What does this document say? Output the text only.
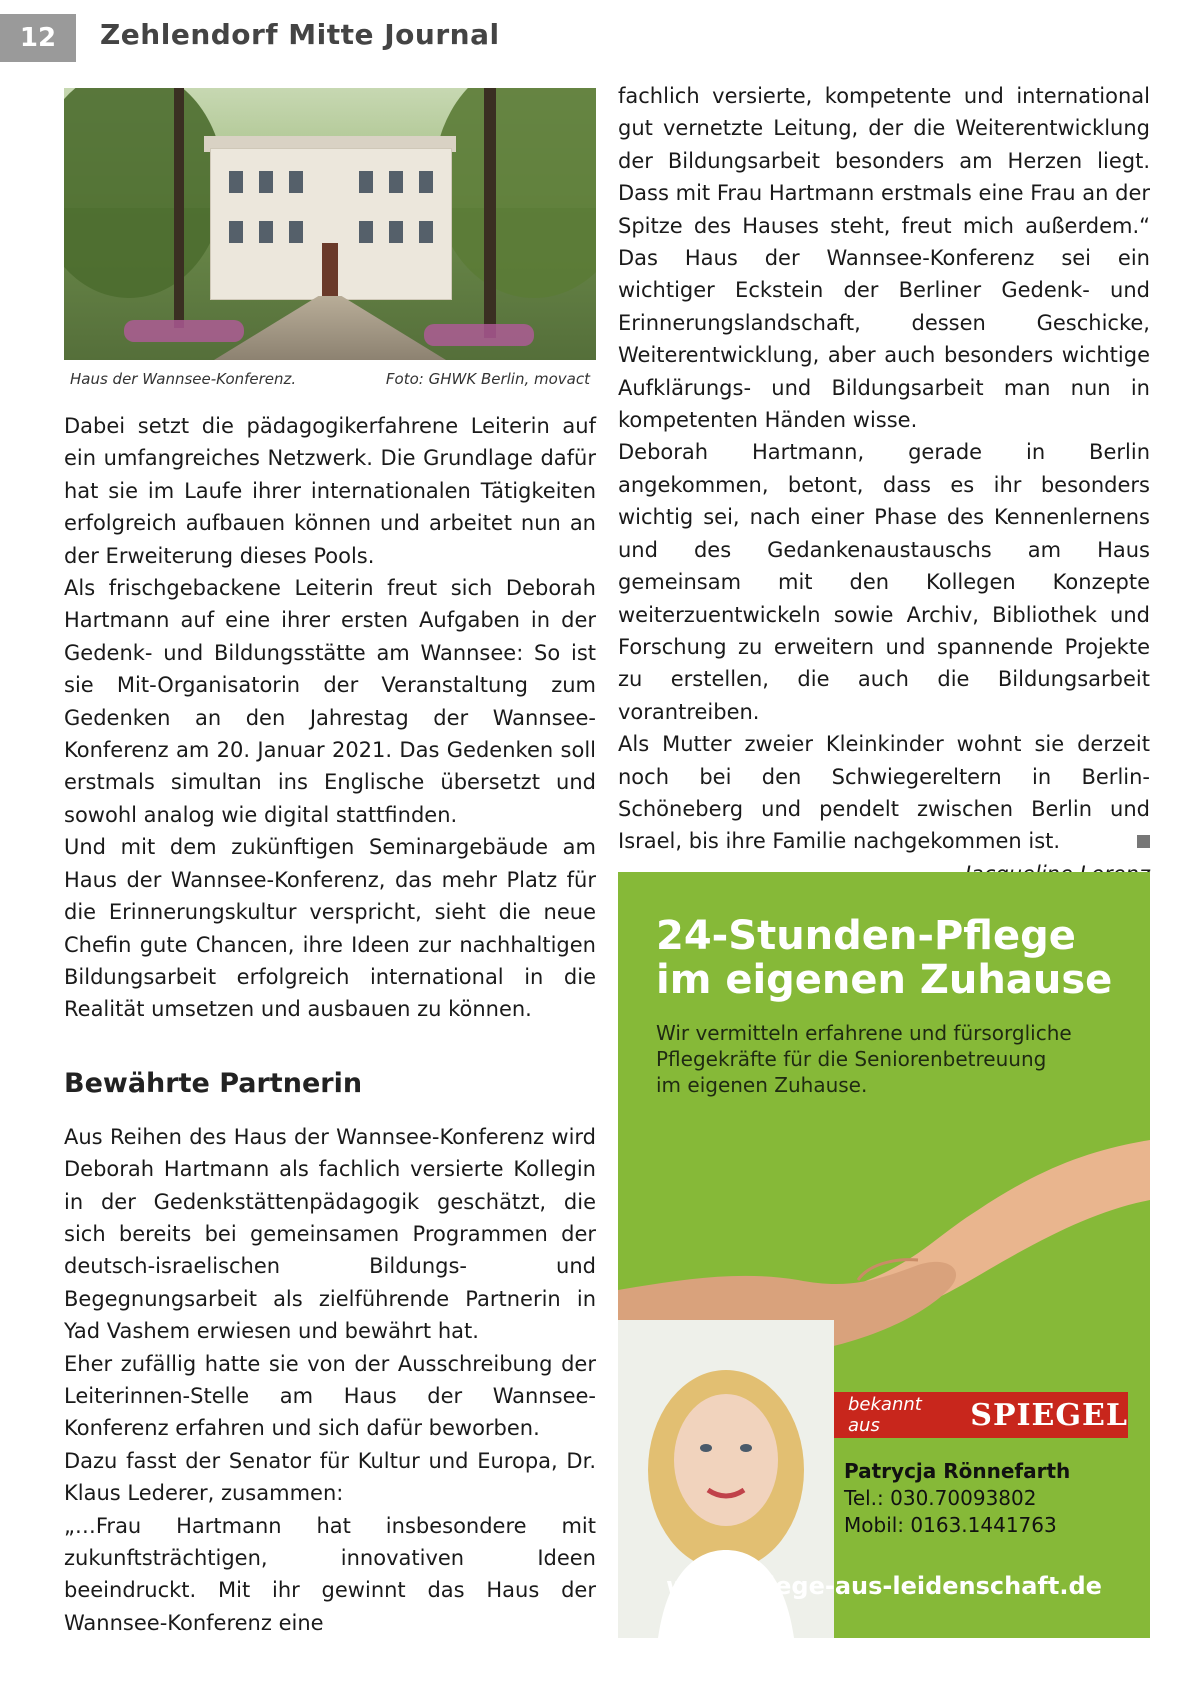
12	Zehlendorf Mitte Journal
Haus der Wannsee-Konferenz.	Foto: GHWK Berlin, movact

Dabei setzt die pädagogikerfahrene Leiterin auf ein umfangreiches Netzwerk. Die Grundlage dafür hat sie im Laufe ihrer internationalen Tätigkeiten erfolgreich aufbauen können und arbeitet nun an der Erweiterung dieses Pools.

Als frischgebackene Leiterin freut sich Deborah Hartmann auf eine ihrer ersten Aufgaben in der Gedenk- und Bildungsstätte am Wannsee: So ist sie Mit-Organisatorin der Veranstaltung zum Gedenken an den Jahrestag der Wannsee-Konferenz am 20. Januar 2021. Das Gedenken soll erstmals simultan ins Englische übersetzt und sowohl analog wie digital stattfinden.

Und mit dem zukünftigen Seminargebäude am Haus der Wannsee-Konferenz, das mehr Platz für die Erinnerungskultur verspricht, sieht die neue Chefin gute Chancen, ihre Ideen zur nachhaltigen Bildungsarbeit erfolgreich international in die Realität umsetzen und ausbauen zu können.

Bewährte Partnerin

Aus Reihen des Haus der Wannsee-Konferenz wird Deborah Hartmann als fachlich versierte Kollegin in der Gedenkstättenpädagogik geschätzt, die sich bereits bei gemeinsamen Programmen der deutsch-israelischen Bildungs- und Begegnungsarbeit als zielführende Partnerin in Yad Vashem erwiesen und bewährt hat.

Eher zufällig hatte sie von der Ausschreibung der Leiterinnen-Stelle am Haus der Wannsee-Konferenz erfahren und sich dafür beworben.

Dazu fasst der Senator für Kultur und Europa, Dr. Klaus Lederer, zusammen:

„…Frau Hartmann hat insbesondere mit zukunftsträchtigen, innovativen Ideen beeindruckt. Mit ihr gewinnt das Haus der Wannsee-Konferenz eine

fachlich versierte, kompetente und international gut vernetzte Leitung, der die Weiterentwicklung der Bildungsarbeit besonders am Herzen liegt. Dass mit Frau Hartmann erstmals eine Frau an der Spitze des Hauses steht, freut mich außerdem.“ Das Haus der Wannsee-Konferenz sei ein wichtiger Eckstein der Berliner Gedenk- und Erinnerungslandschaft, dessen Geschicke, Weiterentwicklung, aber auch besonders wichtige Aufklärungs- und Bildungsarbeit man nun in kompetenten Händen wisse.

Deborah Hartmann, gerade in Berlin angekommen, betont, dass es ihr besonders wichtig sei, nach einer Phase des Kennenlernens und des Gedankenaustauschs am Haus gemeinsam mit den Kollegen Konzepte weiterzuentwickeln sowie Archiv, Bibliothek und Forschung zu erweitern und spannende Projekte zu erstellen, die auch die Bildungsarbeit vorantreiben.

Als Mutter zweier Kleinkinder wohnt sie derzeit noch bei den Schwiegereltern in Berlin-Schöneberg und pendelt zwischen Berlin und Israel, bis ihre Familie nachgekommen ist.

24-Stunden-Pflege
im eigenen Zuhause
Wir vermitteln erfahrene und fürsorgliche
Pflegekräfte für die Seniorenbetreuung
im eigenen Zuhause.
bekannt aus	SPIEGEL
Patrycja Rönnefarth
Tel.: 030.70093802
Mobil: 0163.1441763
www.pflege-aus-leidenschaft.de
